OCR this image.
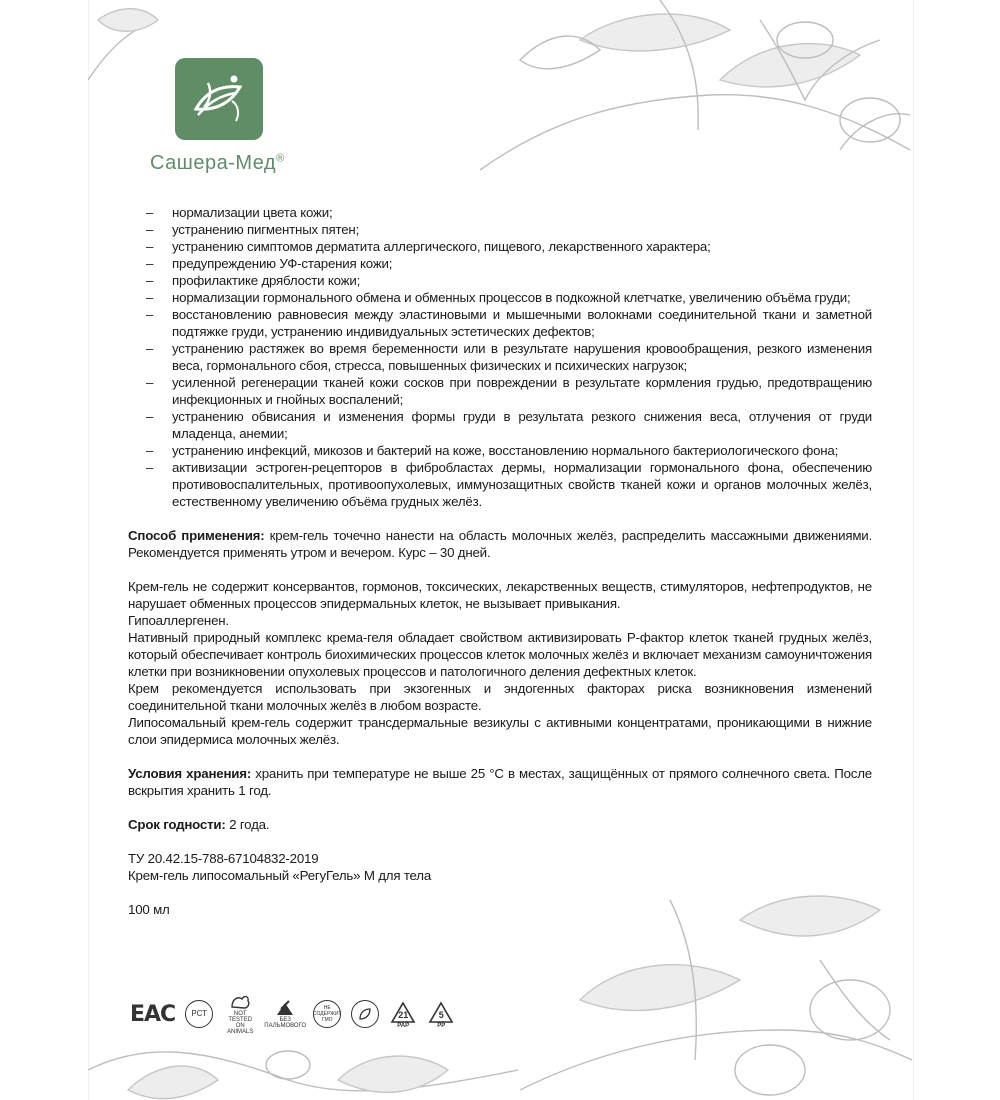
Сашера-Мед®
– нормализации цвета кожи;
– устранению пигментных пятен;
– устранению симптомов дерматита аллергического, пищевого, лекарственного характера;
– предупреждению УФ-старения кожи;
– профилактике дряблости кожи;
– нормализации гормонального обмена и обменных процессов в подкожной клетчатке, увеличению объёма груди;
– восстановлению равновесия между эластиновыми и мышечными волокнами соединительной ткани и заметной подтяжке груди, устранению индивидуальных эстетических дефектов;
– устранению растяжек во время беременности или в результате нарушения кровообращения, резкого изменения веса, гормонального сбоя, стресса, повышенных физических и психических нагрузок;
– усиленной регенерации тканей кожи сосков при повреждении в результате кормления грудью, предотвращению инфекционных и гнойных воспалений;
– устранению обвисания и изменения формы груди в результата резкого снижения веса, отлучения от груди младенца, анемии;
– устранению инфекций, микозов и бактерий на коже, восстановлению нормального бактериологического фона;
– активизации эстроген-рецепторов в фибробластах дермы, нормализации гормонального фона, обеспечению противовоспалительных, противоопухолевых, иммунозащитных свойств тканей кожи и органов молочных желёз, естественному увеличению объёма грудных желёз.

Способ применения: крем-гель точечно нанести на область молочных желёз, распределить массажными движениями. Рекомендуется применять утром и вечером. Курс – 30 дней.

Крем-гель не содержит консервантов, гормонов, токсических, лекарственных веществ, стимуляторов, нефтепродуктов, не нарушает обменных процессов эпидермальных клеток, не вызывает привыкания.

Гипоаллергенен.

Нативный природный комплекс крема-геля обладает свойством активизировать Р-фактор клеток тканей грудных желёз, который обеспечивает контроль биохимических процессов клеток молочных желёз и включает механизм самоуничтожения клетки при возникновении опухолевых процессов и патологичного деления дефектных клеток.

Крем рекомендуется использовать при экзогенных и эндогенных факторах риска возникновения изменений соединительной ткани молочных желёз в любом возрасте.

Липосомальный крем-гель содержит трансдермальные везикулы с активными концентратами, проникающими в нижние слои эпидермиса молочных желёз.

Условия хранения: хранить при температуре не выше 25 °С в местах, защищённых от прямого солнечного света. После вскрытия хранить 1 год.

Срок годности: 2 года.

ТУ 20.42.15-788-67104832-2019

Крем-гель липосомальный «РегуГель» М для тела

100 мл

EAC РСТ	NOT TESTED ON ANIMALS
БЕЗ ПАЛЬМОВОГО
НЕ СОДЕРЖИТ ГМО	21
PAP
5
PP
